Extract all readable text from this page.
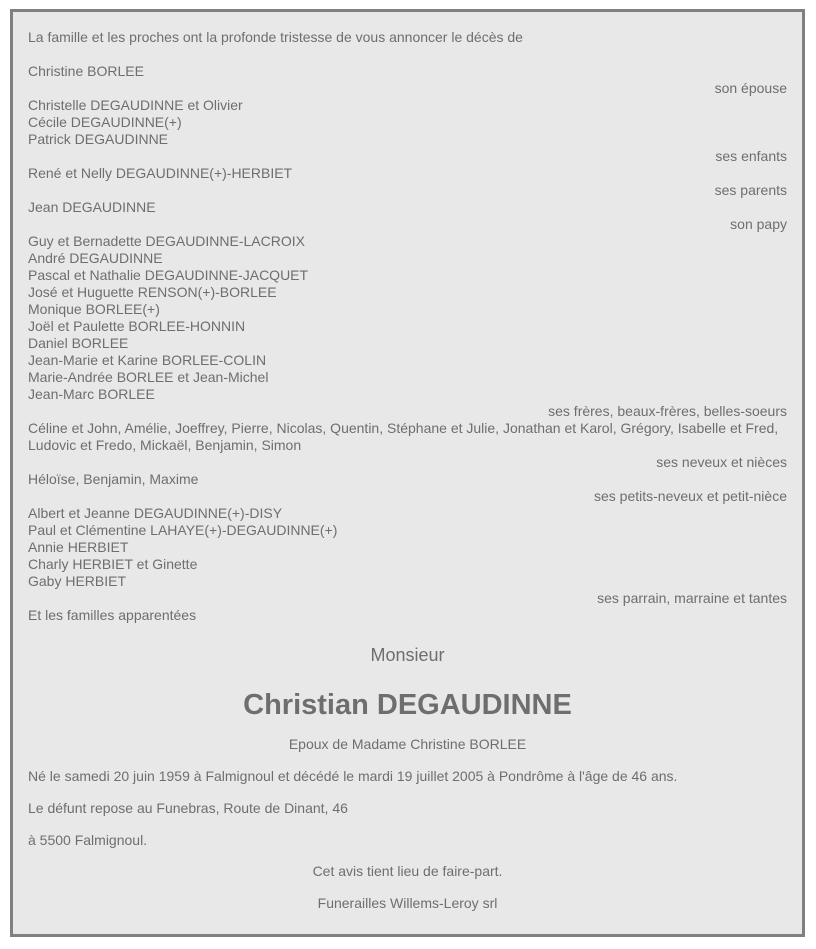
La famille et les proches ont la profonde tristesse de vous annoncer le décès de
Christine BORLEE
son épouse
Christelle DEGAUDINNE et Olivier
Cécile DEGAUDINNE(+)
Patrick DEGAUDINNE
ses enfants
René et Nelly DEGAUDINNE(+)-HERBIET
ses parents
Jean DEGAUDINNE
son papy
Guy et Bernadette DEGAUDINNE-LACROIX
André DEGAUDINNE
Pascal et Nathalie DEGAUDINNE-JACQUET
José et Huguette RENSON(+)-BORLEE
Monique BORLEE(+)
Joël et Paulette BORLEE-HONNIN
Daniel BORLEE
Jean-Marie et Karine BORLEE-COLIN
Marie-Andrée BORLEE et Jean-Michel
Jean-Marc BORLEE
ses frères, beaux-frères, belles-soeurs
Céline et John, Amélie, Joeffrey, Pierre, Nicolas, Quentin, Stéphane et Julie, Jonathan et Karol, Grégory, Isabelle et Fred, Ludovic et Fredo, Mickaël, Benjamin, Simon
ses neveux et nièces
Héloïse, Benjamin, Maxime
ses petits-neveux et petit-nièce
Albert et Jeanne DEGAUDINNE(+)-DISY
Paul et Clémentine LAHAYE(+)-DEGAUDINNE(+)
Annie HERBIET
Charly HERBIET et Ginette
Gaby HERBIET
ses parrain, marraine et tantes
Et les familles apparentées
Monsieur
Christian DEGAUDINNE
Epoux de Madame Christine BORLEE
Né le samedi 20 juin 1959 à Falmignoul et décédé le mardi 19 juillet 2005 à Pondrôme à l'âge de 46 ans.
Le défunt repose au Funebras, Route de Dinant, 46
à 5500 Falmignoul.
Cet avis tient lieu de faire-part.
Funerailles Willems-Leroy srl
